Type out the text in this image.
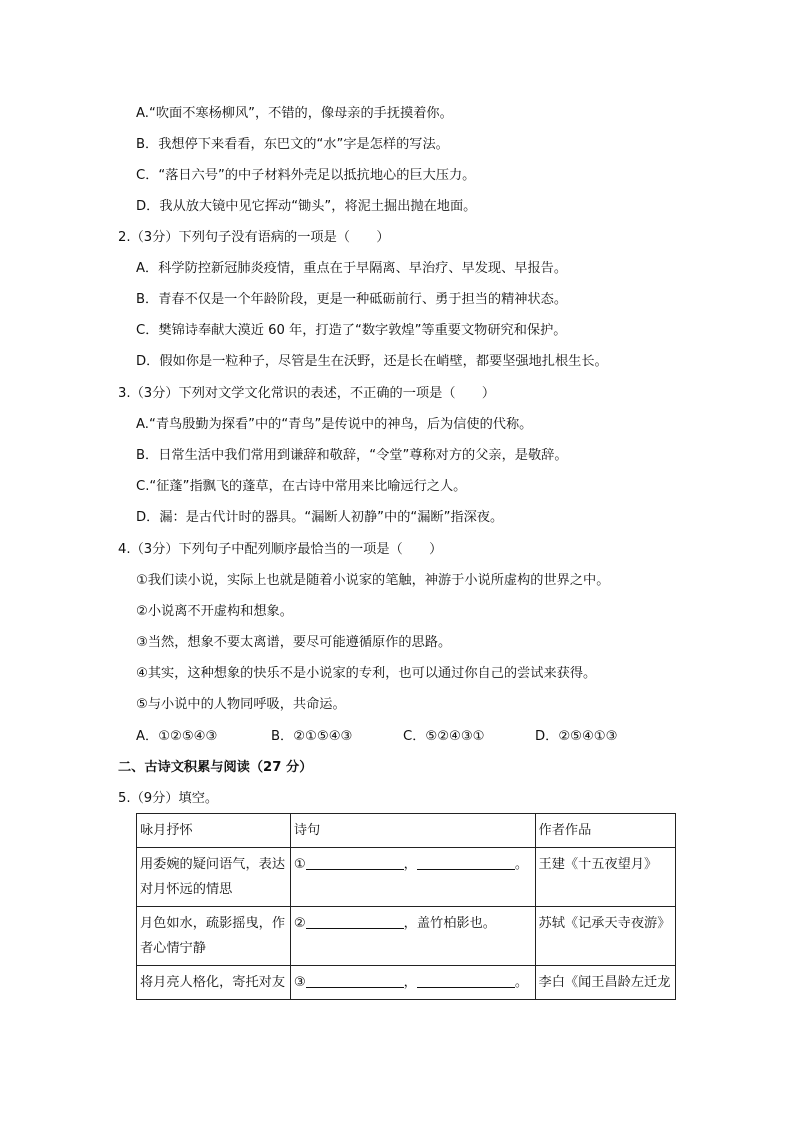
A.“吹面不寒杨柳风”，不错的，像母亲的手抚摸着你。
B．我想停下来看看，东巴文的“水”字是怎样的写法。
C．“落日六号”的中子材料外壳足以抵抗地心的巨大压力。
D．我从放大镜中见它挥动“锄头”，将泥土掘出抛在地面。
2.（3分）下列句子没有语病的一项是（　　）
A．科学防控新冠肺炎疫情，重点在于早隔离、早治疗、早发现、早报告。
B．青春不仅是一个年龄阶段，更是一种砥砺前行、勇于担当的精神状态。
C．樊锦诗奉献大漠近 60 年，打造了“数字敦煌”等重要文物研究和保护。
D．假如你是一粒种子，尽管是生在沃野，还是长在峭壁，都要坚强地扎根生长。
3.（3分）下列对文学文化常识的表述，不正确的一项是（　　）
A.“青鸟殷勤为探看”中的“青鸟”是传说中的神鸟，后为信使的代称。
B．日常生活中我们常用到谦辞和敬辞，“令堂”尊称对方的父亲，是敬辞。
C.“征蓬”指飘飞的蓬草，在古诗中常用来比喻远行之人。
D．漏：是古代计时的器具。“漏断人初静”中的“漏断”指深夜。
4.（3分）下列句子中配列顺序最恰当的一项是（　　）
①我们读小说，实际上也就是随着小说家的笔触，神游于小说所虚构的世界之中。
②小说离不开虚构和想象。
③当然，想象不要太离谱，要尽可能遵循原作的思路。
④其实，这种想象的快乐不是小说家的专利，也可以通过你自己的尝试来获得。
⑤与小说中的人物同呼吸，共命运。
A．①②⑤④③	B．②①⑤④③	C．⑤②④③①	D．②⑤④①③
二、古诗文积累与阅读（27 分）
5.（9分）填空。
咏月抒怀	诗句	作者作品
用委婉的疑问语气，表达对月怀远的情思	① ， 。	王建《十五夜望月》
月色如水，疏影摇曳，作者心情宁静	② ，盖竹柏影也。	苏轼《记承天寺夜游》
将月亮人格化，寄托对友	③ ， 。	李白《闻王昌龄左迁龙
